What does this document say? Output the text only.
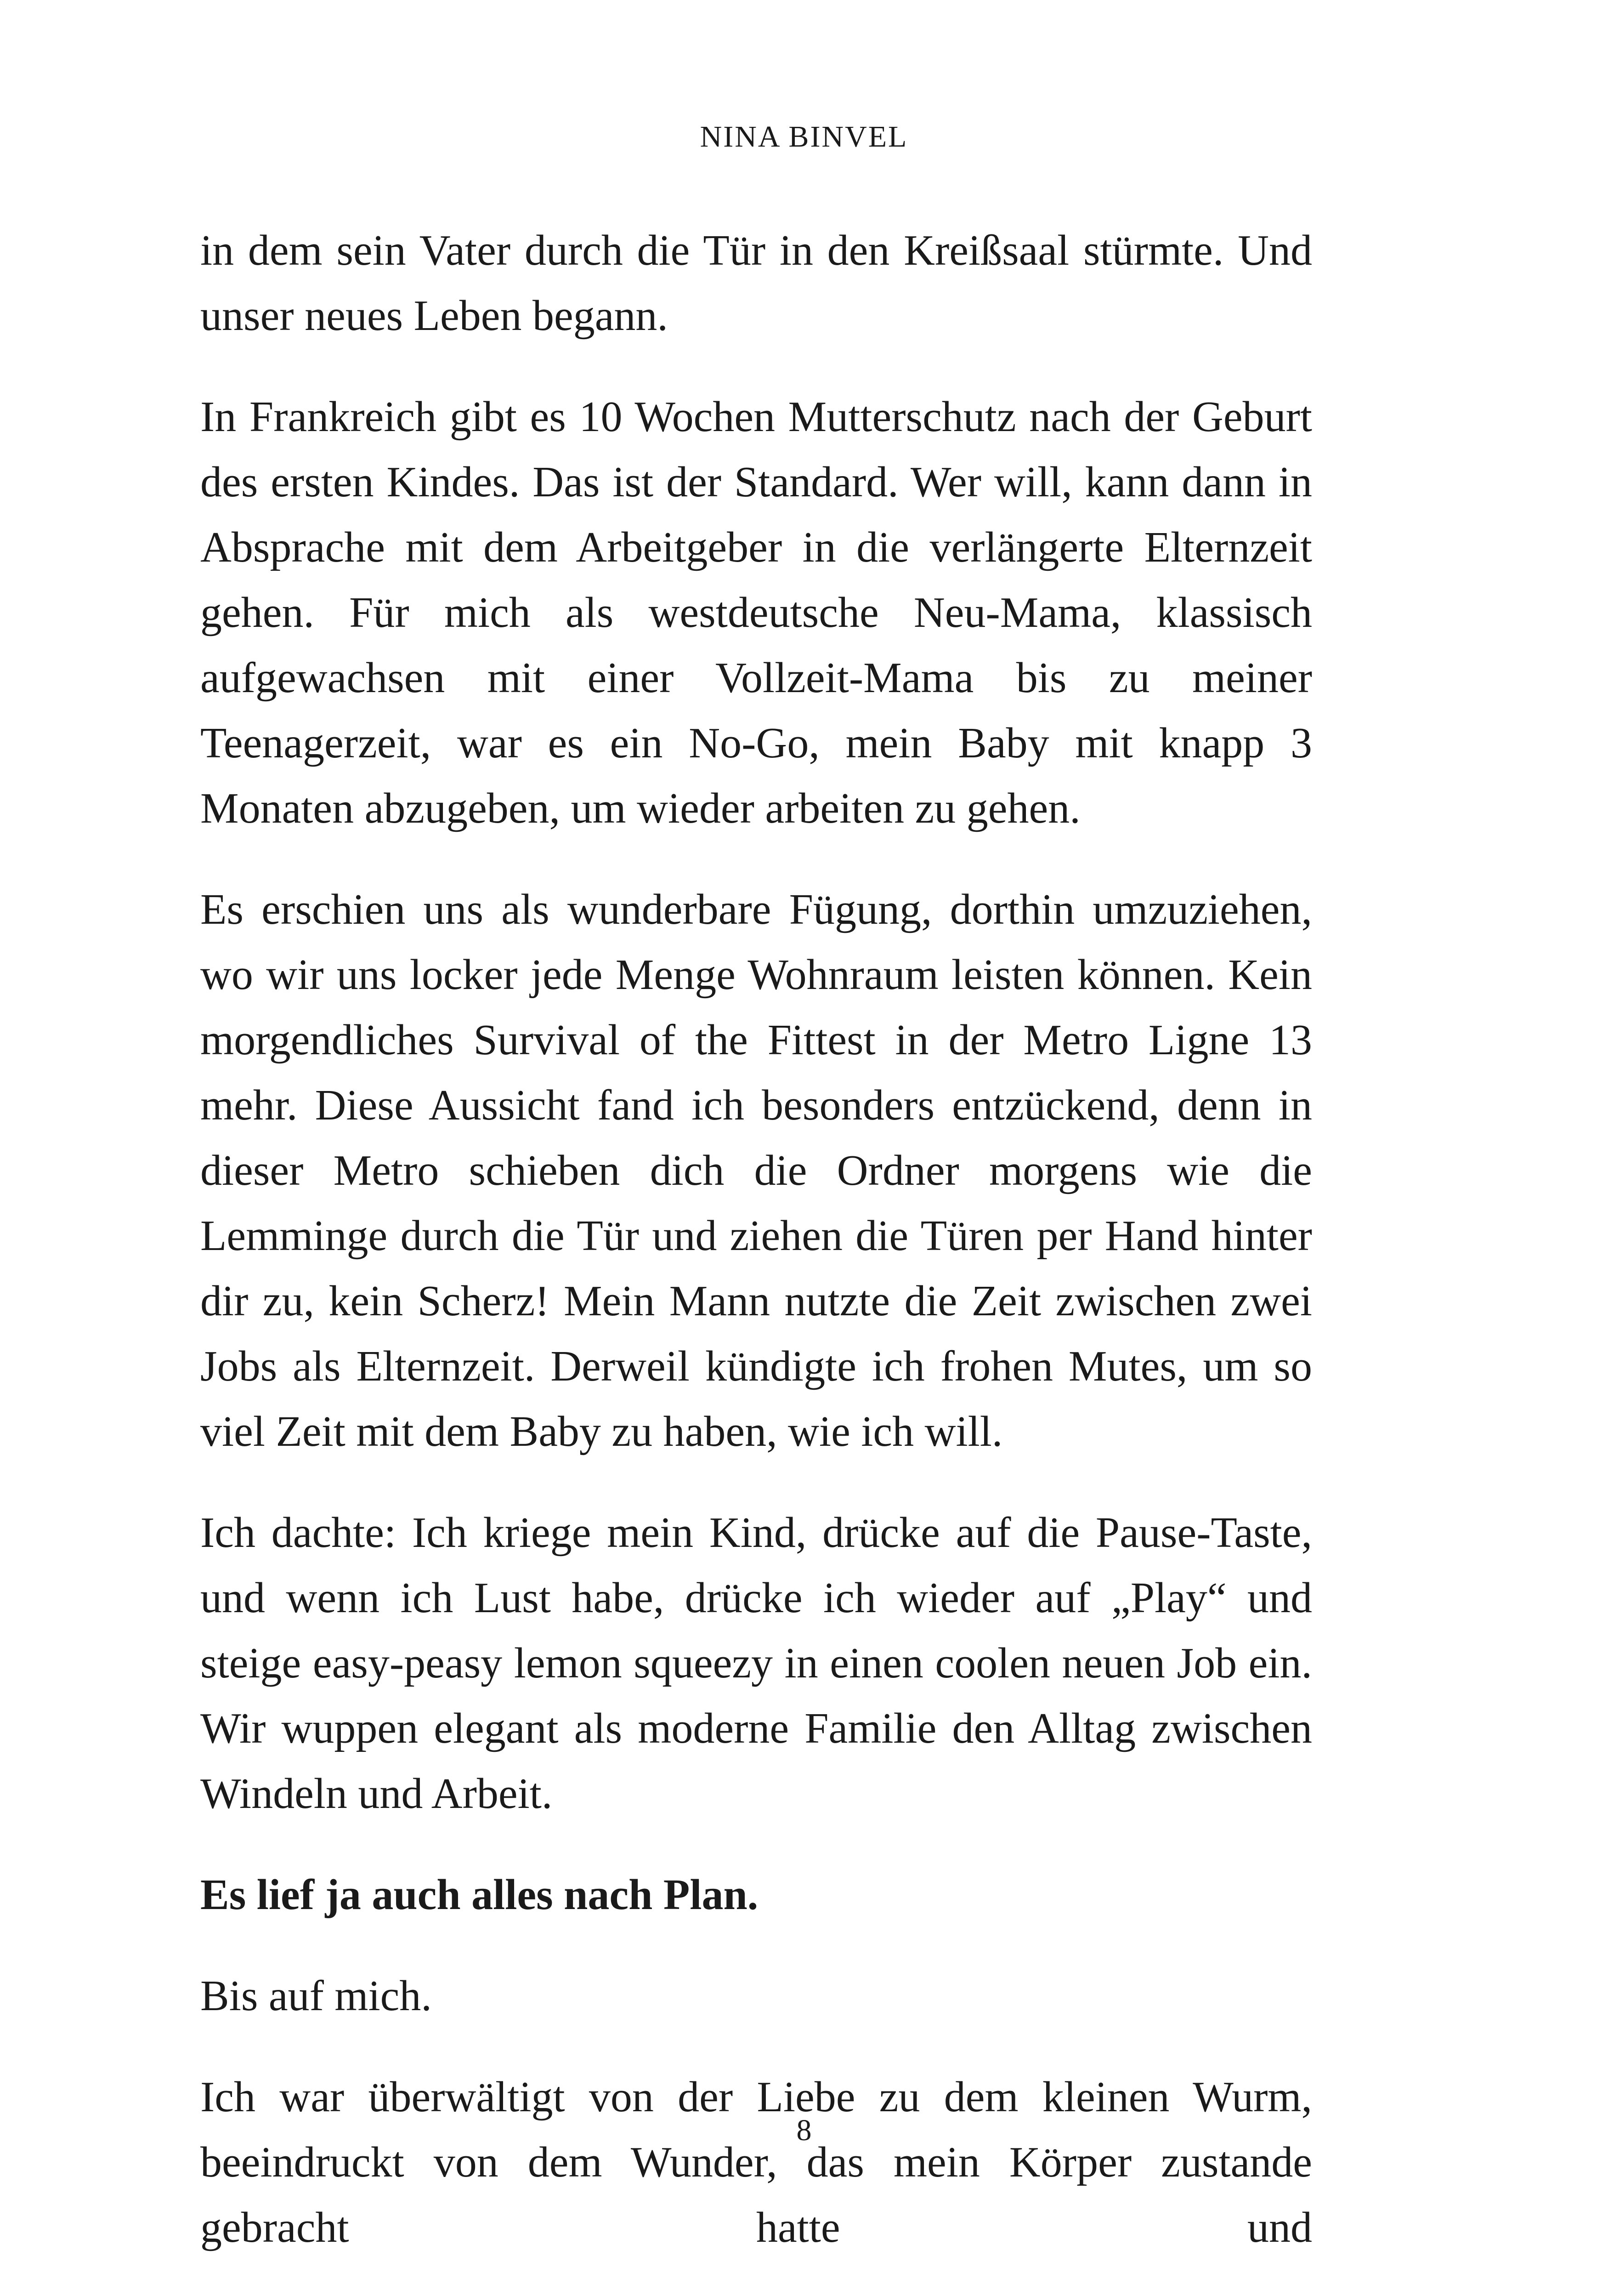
NINA BINVEL

in dem sein Vater durch die Tür in den Kreißsaal stürmte. Und unser neues Leben begann.

In Frankreich gibt es 10 Wochen Mutterschutz nach der Geburt des ersten Kindes. Das ist der Standard. Wer will, kann dann in Absprache mit dem Arbeitgeber in die verlängerte Elternzeit gehen. Für mich als westdeutsche Neu-Mama, klassisch aufgewachsen mit einer Vollzeit-Mama bis zu meiner Teenagerzeit, war es ein No-Go, mein Baby mit knapp 3 Monaten abzugeben, um wieder arbeiten zu gehen.

Es erschien uns als wunderbare Fügung, dorthin umzuziehen, wo wir uns locker jede Menge Wohnraum leisten können. Kein morgendliches Survival of the Fittest in der Metro Ligne 13 mehr. Diese Aussicht fand ich besonders entzückend, denn in dieser Metro schieben dich die Ordner morgens wie die Lemminge durch die Tür und ziehen die Türen per Hand hinter dir zu, kein Scherz! Mein Mann nutzte die Zeit zwischen zwei Jobs als Elternzeit. Derweil kündigte ich frohen Mutes, um so viel Zeit mit dem Baby zu haben, wie ich will.

Ich dachte: Ich kriege mein Kind, drücke auf die Pause-Taste, und wenn ich Lust habe, drücke ich wieder auf „Play“ und steige easy-peasy lemon squeezy in einen coolen neuen Job ein. Wir wuppen elegant als moderne Familie den Alltag zwischen Windeln und Arbeit.

Es lief ja auch alles nach Plan.

Bis auf mich.

Ich war überwältigt von der Liebe zu dem kleinen Wurm, beeindruckt von dem Wunder, das mein Körper zustande gebracht hatte und

8
